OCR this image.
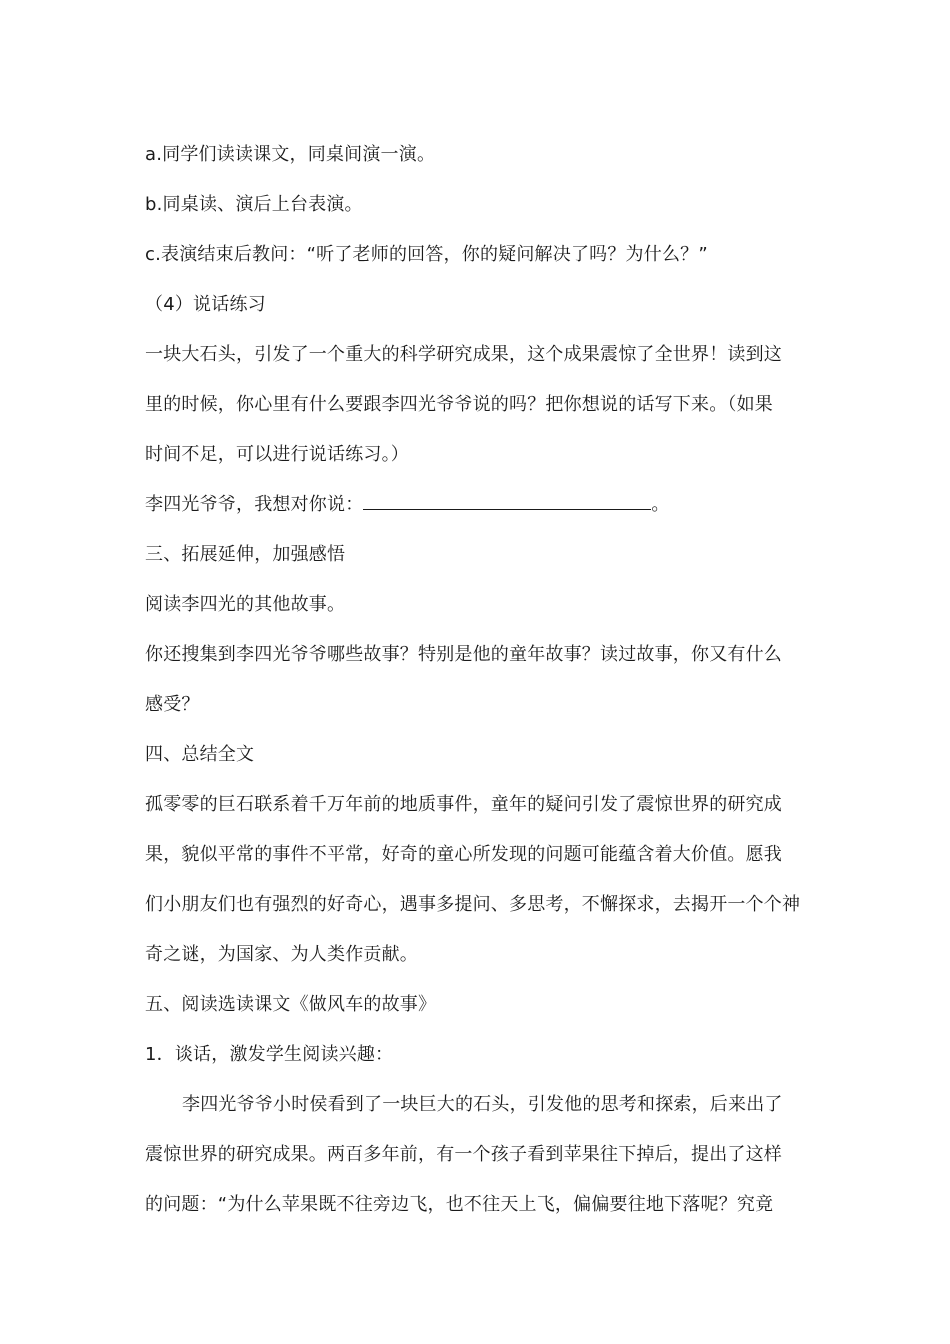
a.同学们读读课文，同桌间演一演。
b.同桌读、演后上台表演。
c.表演结束后教问：“听了老师的回答，你的疑问解决了吗？为什么？”
（4）说话练习
一块大石头，引发了一个重大的科学研究成果，这个成果震惊了全世界！读到这
里的时候，你心里有什么要跟李四光爷爷说的吗？把你想说的话写下来。（如果
时间不足，可以进行说话练习。）
李四光爷爷，我想对你说：	。
三、拓展延伸，加强感悟
阅读李四光的其他故事。
你还搜集到李四光爷爷哪些故事？特别是他的童年故事？读过故事，你又有什么
感受？
四、总结全文
孤零零的巨石联系着千万年前的地质事件，童年的疑问引发了震惊世界的研究成
果，貌似平常的事件不平常，好奇的童心所发现的问题可能蕴含着大价值。愿我
们小朋友们也有强烈的好奇心，遇事多提问、多思考，不懈探求，去揭开一个个神
奇之谜，为国家、为人类作贡献。
五、阅读选读课文《做风车的故事》
1．谈话，激发学生阅读兴趣：
李四光爷爷小时侯看到了一块巨大的石头，引发他的思考和探索，后来出了
震惊世界的研究成果。两百多年前，有一个孩子看到苹果往下掉后，提出了这样
的问题：“为什么苹果既不往旁边飞，也不往天上飞，偏偏要往地下落呢？究竟
